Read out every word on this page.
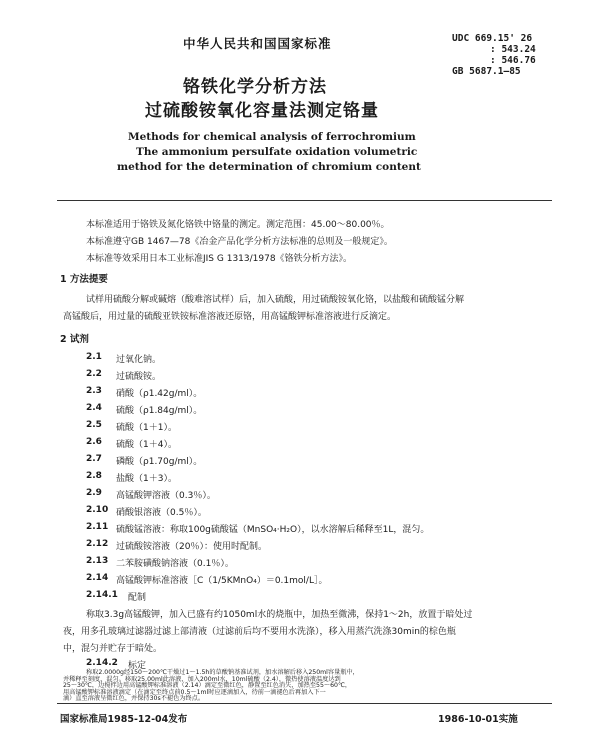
中华人民共和国国家标准	UDC 669.15' 26
: 543.24
: 546.76
GB 5687.1—85
铬铁化学分析方法
过硫酸铵氧化容量法测定铬量
Methods for chemical analysis of ferrochromium
The ammonium persulfate oxidation volumetric
method for the determination of chromium content
本标准适用于铬铁及氮化铬铁中铬量的测定。测定范围：45.00～80.00％。
本标准遵守GB 1467—78《冶金产品化学分析方法标准的总则及一般规定》。
本标准等效采用日本工业标准JIS G 1313/1978《铬铁分析方法》。
1 方法提要
试样用硫酸分解或碱熔（酸难溶试样）后，加入硫酸，用过硫酸铵氧化铬，以盐酸和硫酸锰分解
高锰酸后，用过量的硫酸亚铁铵标准溶液还原铬，用高锰酸钾标准溶液进行反滴定。
2 试剂
2.1 过氧化钠。
2.2 过硫酸铵。
2.3 硝酸（ρ1.42g/ml）。
2.4 硫酸（ρ1.84g/ml）。
2.5 硫酸（1＋1）。
2.6 硫酸（1＋4）。
2.7 磷酸（ρ1.70g/ml）。
2.8 盐酸（1＋3）。
2.9 高锰酸钾溶液（0.3％）。
2.10 硝酸银溶液（0.5％）。
2.11 硫酸锰溶液：称取100g硫酸锰（MnSO₄·H₂O），以水溶解后稀释至1L，混匀。
2.12 过硫酸铵溶液（20％）：使用时配制。
2.13 二苯胺磺酸钠溶液（0.1％）。
2.14 高锰酸钾标准溶液［C（1/5KMnO₄）＝0.1mol/L］。
2.14.1 配制
称取3.3g高锰酸钾，加入已盛有约1050ml水的烧瓶中，加热至微沸，保持1～2h，放置于暗处过
夜，用多孔玻璃过滤器过滤上部清液（过滤前后均不要用水洗涤），移入用蒸汽洗涤30min的棕色瓶
中，混匀并贮存于暗处。
2.14.2 标定
国家标准局1985-12-04发布	1986-10-01实施
称取2.0000g经150～200℃干燥过1～1.5h的草酸钠基准试剂，加水溶解后移入250ml容量瓶中，
并稀释至刻度，混匀。移取25.00ml此溶液，加入200ml水，10ml硫酸（2.4），微热使溶液温度达到
25～30℃，边搅拌边用高锰酸钾标准溶液（2.14）滴定至微红色，静置至红色消失，加热至55～60℃，
用高锰酸钾标准溶液滴定（在滴定至终点前0.5～1ml时应逐滴加入，待前一滴褪色后再加入下一
滴）直至溶液呈微红色，并保持30s不褪色为终点。
